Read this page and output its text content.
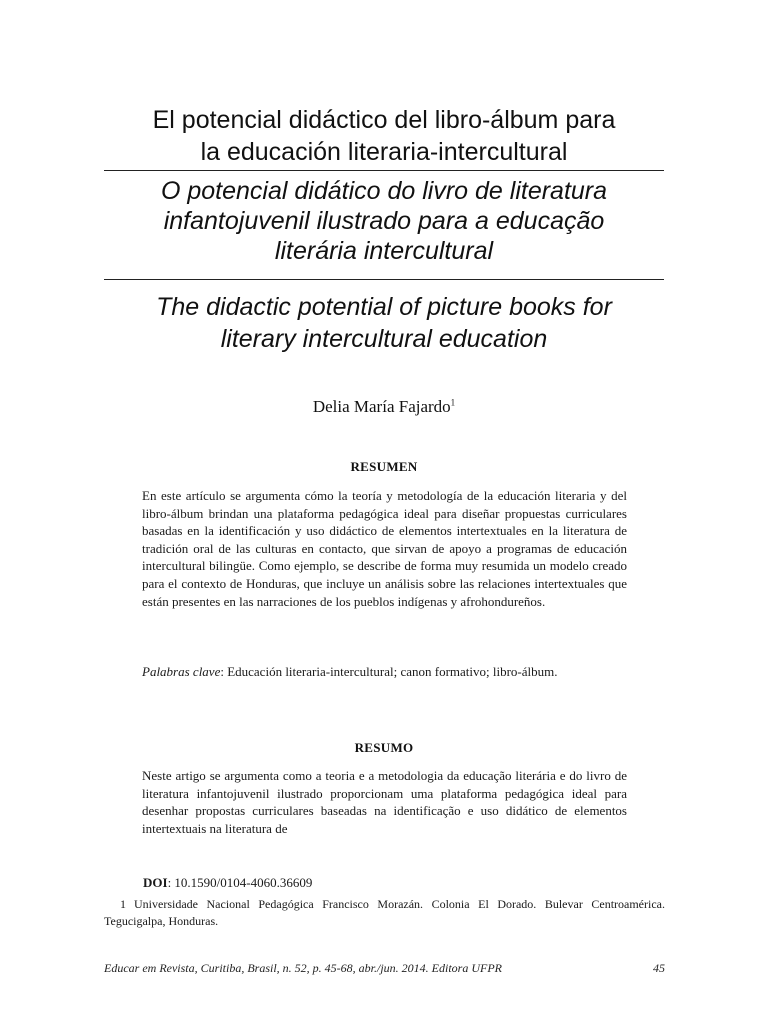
El potencial didáctico del libro-álbum para
la educación literaria-intercultural
O potencial didático do livro de literatura
infantojuvenil ilustrado para a educação
literária intercultural
The didactic potential of picture books for
literary intercultural education
Delia María Fajardo$^1$
RESUMEN

En este artículo se argumenta cómo la teoría y metodología de la educación literaria y del libro-álbum brindan una plataforma pedagógica ideal para diseñar propuestas curriculares basadas en la identificación y uso didáctico de elementos intertextuales en la literatura de tradición oral de las culturas en contacto, que sirvan de apoyo a programas de educación intercultural bilingüe. Como ejemplo, se describe de forma muy resumida un modelo creado para el contexto de Honduras, que incluye un análisis sobre las relaciones intertextuales que están presentes en las narraciones de los pueblos indígenas y afrohondureños.

Palabras clave: Educación literaria-intercultural; canon formativo; libro-álbum.

RESUMO

Neste artigo se argumenta como a teoria e a metodologia da educação literária e do livro de literatura infantojuvenil ilustrado proporcionam uma plataforma pedagógica ideal para desenhar propostas curriculares baseadas na identificação e uso didático de elementos intertextuais na literatura de

DOI: 10.1590/0104-4060.36609
1 Universidade Nacional Pedagógica Francisco Morazán. Colonia El Dorado. Bulevar Centroamérica. Tegucigalpa, Honduras.
Educar em Revista, Curitiba, Brasil, n. 52, p. 45-68, abr./jun. 2014. Editora UFPR	45
